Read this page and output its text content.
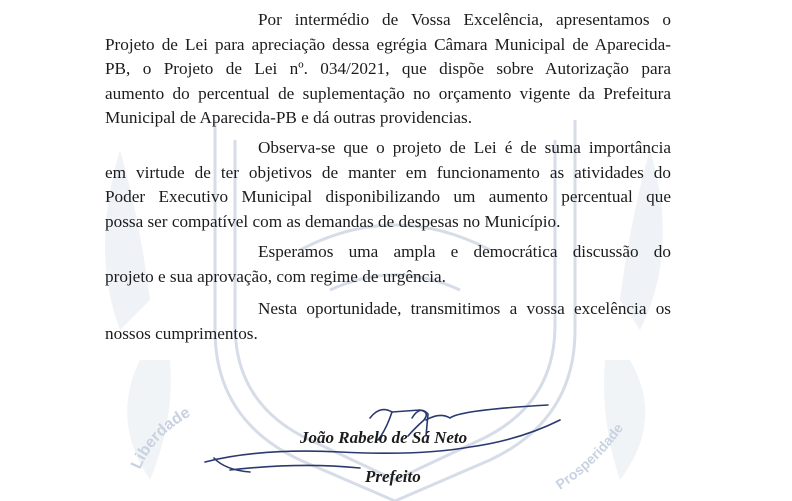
Liberdade
Prosperidade
Por intermédio de Vossa Excelência, apresentamos o
Projeto de Lei para apreciação dessa egrégia Câmara Municipal de Aparecida-
PB, o Projeto de Lei nº. 034/2021, que dispõe sobre Autorização para
aumento do percentual de suplementação no orçamento vigente da Prefeitura
Municipal de Aparecida-PB e dá outras providencias.
Observa-se que o projeto de Lei é de suma importância
em virtude de ter objetivos de manter em funcionamento as atividades do
Poder Executivo Municipal disponibilizando um aumento percentual que
possa ser compatível com as demandas de despesas no Município.
Esperamos uma ampla e democrática discussão do
projeto e sua aprovação, com regime de urgência.
Nesta oportunidade, transmitimos a vossa excelência os
nossos cumprimentos.
João Rabelo de Sá Neto
Prefeito
